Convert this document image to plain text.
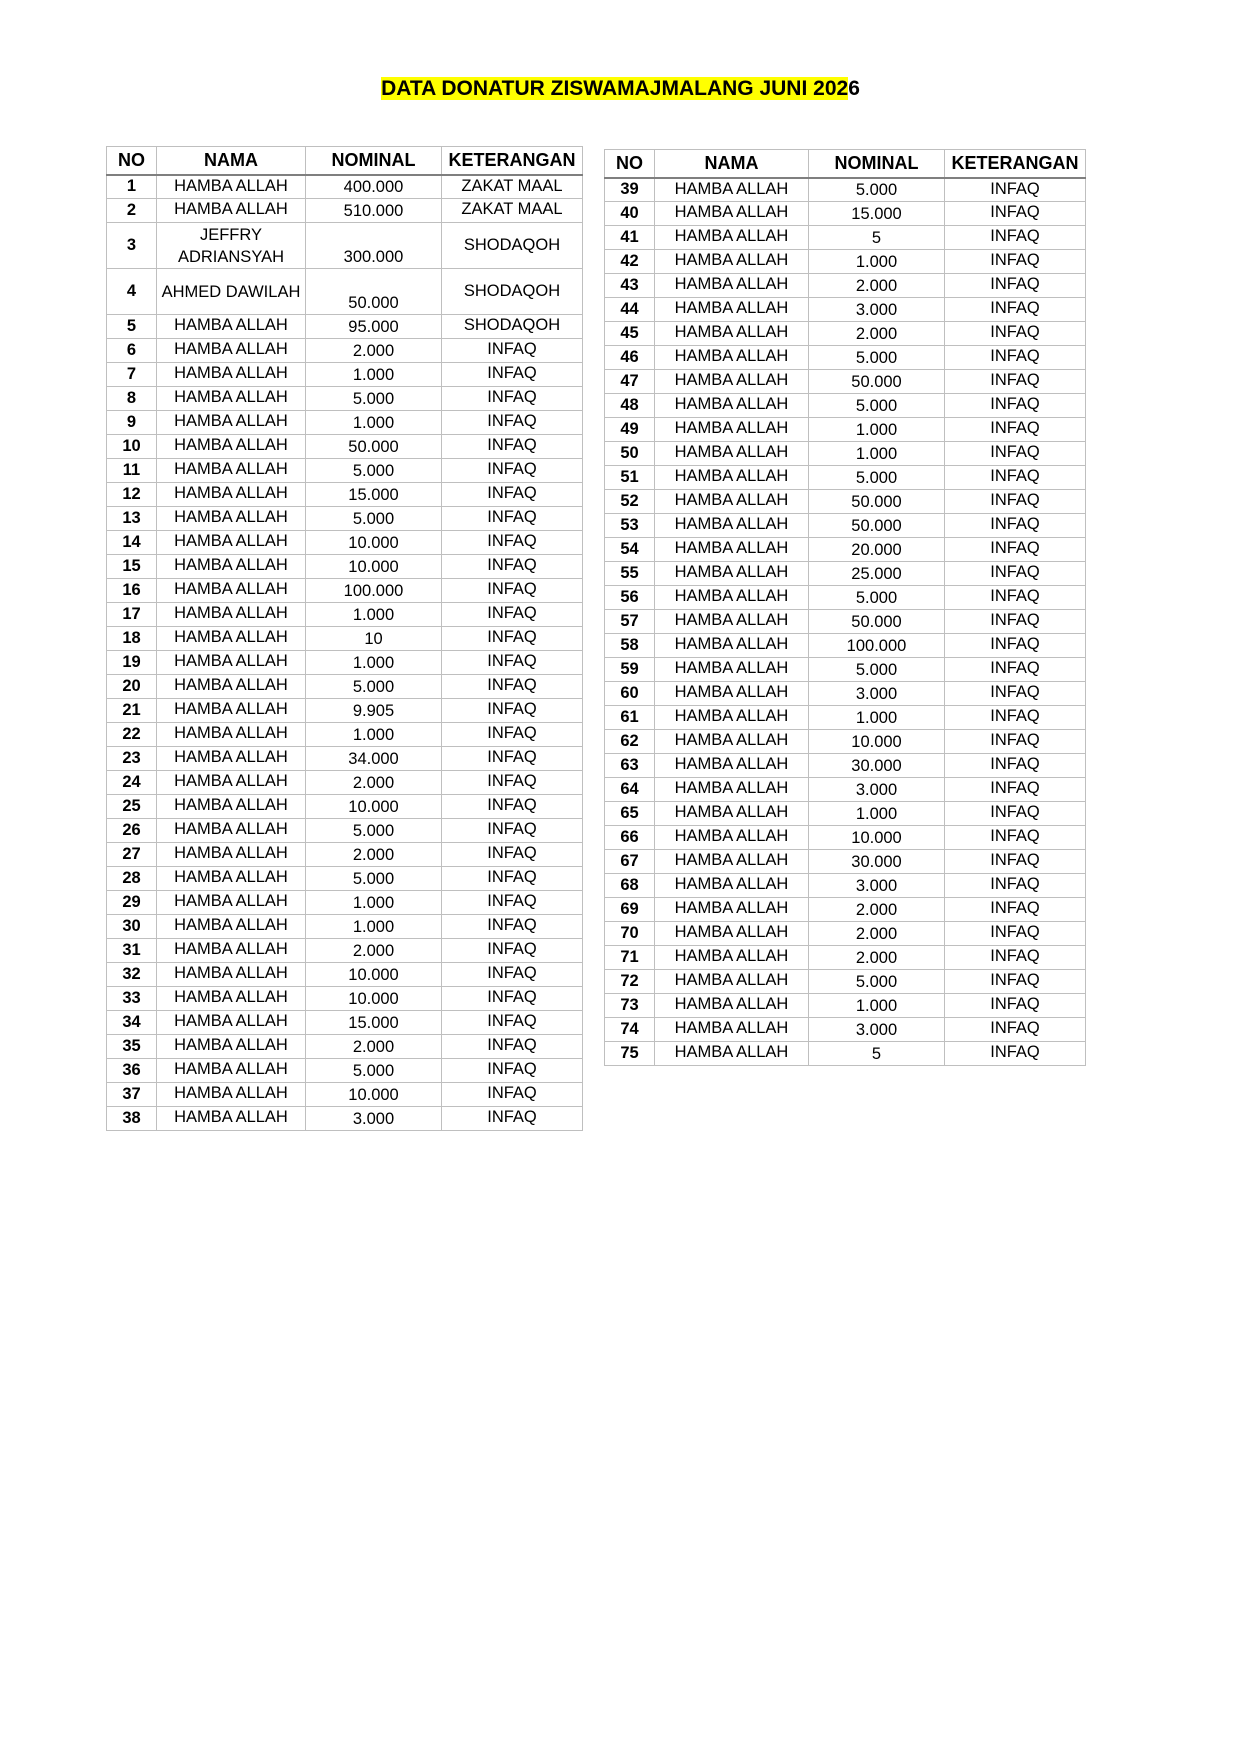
DATA DONATUR ZISWAMAJMALANG JUNI 2026
NO	NAMA	NOMINAL	KETERANGAN
1	HAMBA ALLAH	400.000	ZAKAT MAAL
2	HAMBA ALLAH	510.000	ZAKAT MAAL
3	JEFFRY ADRIANSYAH	300.000	SHODAQOH
4	AHMED DAWILAH	50.000	SHODAQOH
5	HAMBA ALLAH	95.000	SHODAQOH
6	HAMBA ALLAH	2.000	INFAQ
7	HAMBA ALLAH	1.000	INFAQ
8	HAMBA ALLAH	5.000	INFAQ
9	HAMBA ALLAH	1.000	INFAQ
10	HAMBA ALLAH	50.000	INFAQ
11	HAMBA ALLAH	5.000	INFAQ
12	HAMBA ALLAH	15.000	INFAQ
13	HAMBA ALLAH	5.000	INFAQ
14	HAMBA ALLAH	10.000	INFAQ
15	HAMBA ALLAH	10.000	INFAQ
16	HAMBA ALLAH	100.000	INFAQ
17	HAMBA ALLAH	1.000	INFAQ
18	HAMBA ALLAH	10	INFAQ
19	HAMBA ALLAH	1.000	INFAQ
20	HAMBA ALLAH	5.000	INFAQ
21	HAMBA ALLAH	9.905	INFAQ
22	HAMBA ALLAH	1.000	INFAQ
23	HAMBA ALLAH	34.000	INFAQ
24	HAMBA ALLAH	2.000	INFAQ
25	HAMBA ALLAH	10.000	INFAQ
26	HAMBA ALLAH	5.000	INFAQ
27	HAMBA ALLAH	2.000	INFAQ
28	HAMBA ALLAH	5.000	INFAQ
29	HAMBA ALLAH	1.000	INFAQ
30	HAMBA ALLAH	1.000	INFAQ
31	HAMBA ALLAH	2.000	INFAQ
32	HAMBA ALLAH	10.000	INFAQ
33	HAMBA ALLAH	10.000	INFAQ
34	HAMBA ALLAH	15.000	INFAQ
35	HAMBA ALLAH	2.000	INFAQ
36	HAMBA ALLAH	5.000	INFAQ
37	HAMBA ALLAH	10.000	INFAQ
38	HAMBA ALLAH	3.000	INFAQ
NO	NAMA	NOMINAL	KETERANGAN
39	HAMBA ALLAH	5.000	INFAQ
40	HAMBA ALLAH	15.000	INFAQ
41	HAMBA ALLAH	5	INFAQ
42	HAMBA ALLAH	1.000	INFAQ
43	HAMBA ALLAH	2.000	INFAQ
44	HAMBA ALLAH	3.000	INFAQ
45	HAMBA ALLAH	2.000	INFAQ
46	HAMBA ALLAH	5.000	INFAQ
47	HAMBA ALLAH	50.000	INFAQ
48	HAMBA ALLAH	5.000	INFAQ
49	HAMBA ALLAH	1.000	INFAQ
50	HAMBA ALLAH	1.000	INFAQ
51	HAMBA ALLAH	5.000	INFAQ
52	HAMBA ALLAH	50.000	INFAQ
53	HAMBA ALLAH	50.000	INFAQ
54	HAMBA ALLAH	20.000	INFAQ
55	HAMBA ALLAH	25.000	INFAQ
56	HAMBA ALLAH	5.000	INFAQ
57	HAMBA ALLAH	50.000	INFAQ
58	HAMBA ALLAH	100.000	INFAQ
59	HAMBA ALLAH	5.000	INFAQ
60	HAMBA ALLAH	3.000	INFAQ
61	HAMBA ALLAH	1.000	INFAQ
62	HAMBA ALLAH	10.000	INFAQ
63	HAMBA ALLAH	30.000	INFAQ
64	HAMBA ALLAH	3.000	INFAQ
65	HAMBA ALLAH	1.000	INFAQ
66	HAMBA ALLAH	10.000	INFAQ
67	HAMBA ALLAH	30.000	INFAQ
68	HAMBA ALLAH	3.000	INFAQ
69	HAMBA ALLAH	2.000	INFAQ
70	HAMBA ALLAH	2.000	INFAQ
71	HAMBA ALLAH	2.000	INFAQ
72	HAMBA ALLAH	5.000	INFAQ
73	HAMBA ALLAH	1.000	INFAQ
74	HAMBA ALLAH	3.000	INFAQ
75	HAMBA ALLAH	5	INFAQ
